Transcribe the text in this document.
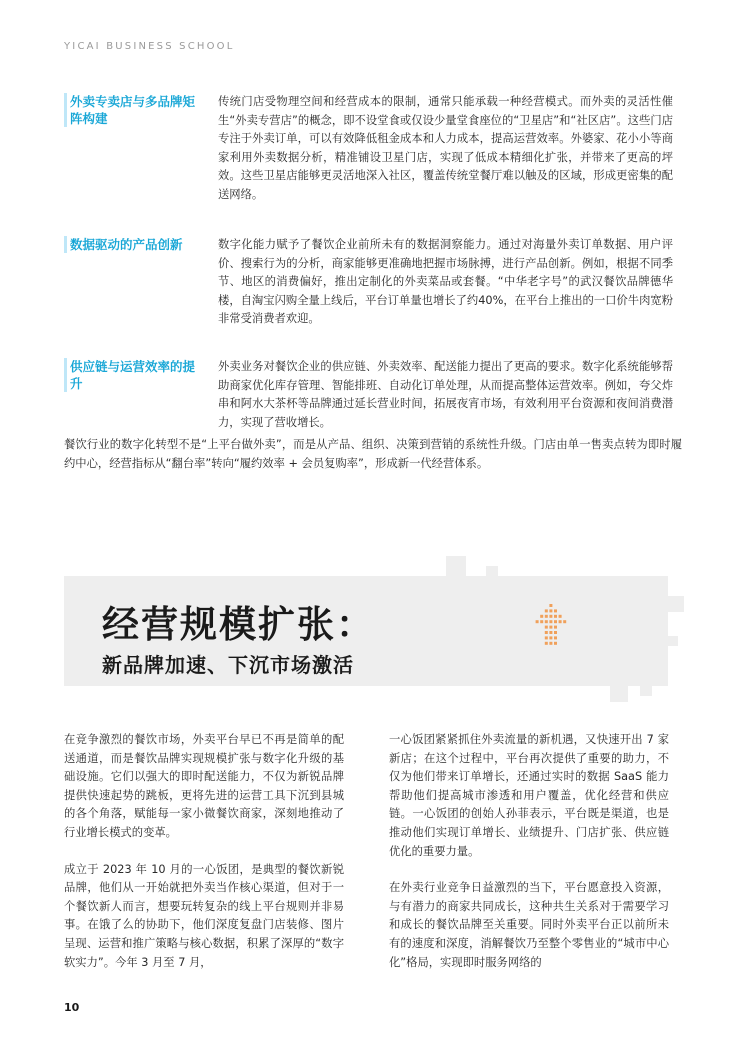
YICAI BUSINESS SCHOOL
外卖专卖店与多品牌矩阵构建
传统门店受物理空间和经营成本的限制，通常只能承载一种经营模式。而外卖的灵活性催生“外卖专营店”的概念，即不设堂食或仅设少量堂食座位的“卫星店”和“社区店”。这些门店专注于外卖订单，可以有效降低租金成本和人力成本，提高运营效率。外婆家、花小小等商家利用外卖数据分析，精准铺设卫星门店，实现了低成本精细化扩张，并带来了更高的坪效。这些卫星店能够更灵活地深入社区，覆盖传统堂餐厅难以触及的区域，形成更密集的配送网络。
数据驱动的产品创新	数字化能力赋予了餐饮企业前所未有的数据洞察能力。通过对海量外卖订单数据、用户评价、搜索行为的分析，商家能够更准确地把握市场脉搏，进行产品创新。例如，根据不同季节、地区的消费偏好，推出定制化的外卖菜品或套餐。“中华老字号”的武汉餐饮品牌德华楼，自淘宝闪购全量上线后，平台订单量也增长了约40%，在平台上推出的一口价牛肉宽粉非常受消费者欢迎。
供应链与运营效率的提升
外卖业务对餐饮企业的供应链、外卖效率、配送能力提出了更高的要求。数字化系统能够帮助商家优化库存管理、智能排班、自动化订单处理，从而提高整体运营效率。例如，夸父炸串和阿水大茶杯等品牌通过延长营业时间，拓展夜宵市场，有效利用平台资源和夜间消费潜力，实现了营收增长。
餐饮行业的数字化转型不是“上平台做外卖”，而是从产品、组织、决策到营销的系统性升级。门店由单一售卖点转为即时履约中心，经营指标从“翻台率”转向“履约效率 + 会员复购率”，形成新一代经营体系。
经营规模扩张：
新品牌加速、下沉市场激活

在竞争激烈的餐饮市场，外卖平台早已不再是简单的配送通道，而是餐饮品牌实现规模扩张与数字化升级的基础设施。它们以强大的即时配送能力，不仅为新锐品牌提供快速起势的跳板，更将先进的运营工具下沉到县城的各个角落，赋能每一家小微餐饮商家，深刻地推动了行业增长模式的变革。

成立于 2023 年 10 月的一心饭团，是典型的餐饮新锐品牌，他们从一开始就把外卖当作核心渠道，但对于一个餐饮新人而言，想要玩转复杂的线上平台规则并非易事。在饿了么的协助下，他们深度复盘门店装修、图片呈现、运营和推广策略与核心数据，积累了深厚的“数字软实力”。今年 3 月至 7 月，

一心饭团紧紧抓住外卖流量的新机遇，又快速开出 7 家新店；在这个过程中，平台再次提供了重要的助力，不仅为他们带来订单增长，还通过实时的数据 SaaS 能力帮助他们提高城市渗透和用户覆盖，优化经营和供应链。一心饭团的创始人孙菲表示，平台既是渠道，也是推动他们实现订单增长、业绩提升、门店扩张、供应链优化的重要力量。

在外卖行业竞争日益激烈的当下，平台愿意投入资源，与有潜力的商家共同成长，这种共生关系对于需要学习和成长的餐饮品牌至关重要。同时外卖平台正以前所未有的速度和深度，消解餐饮乃至整个零售业的“城市中心化”格局，实现即时服务网络的

10
